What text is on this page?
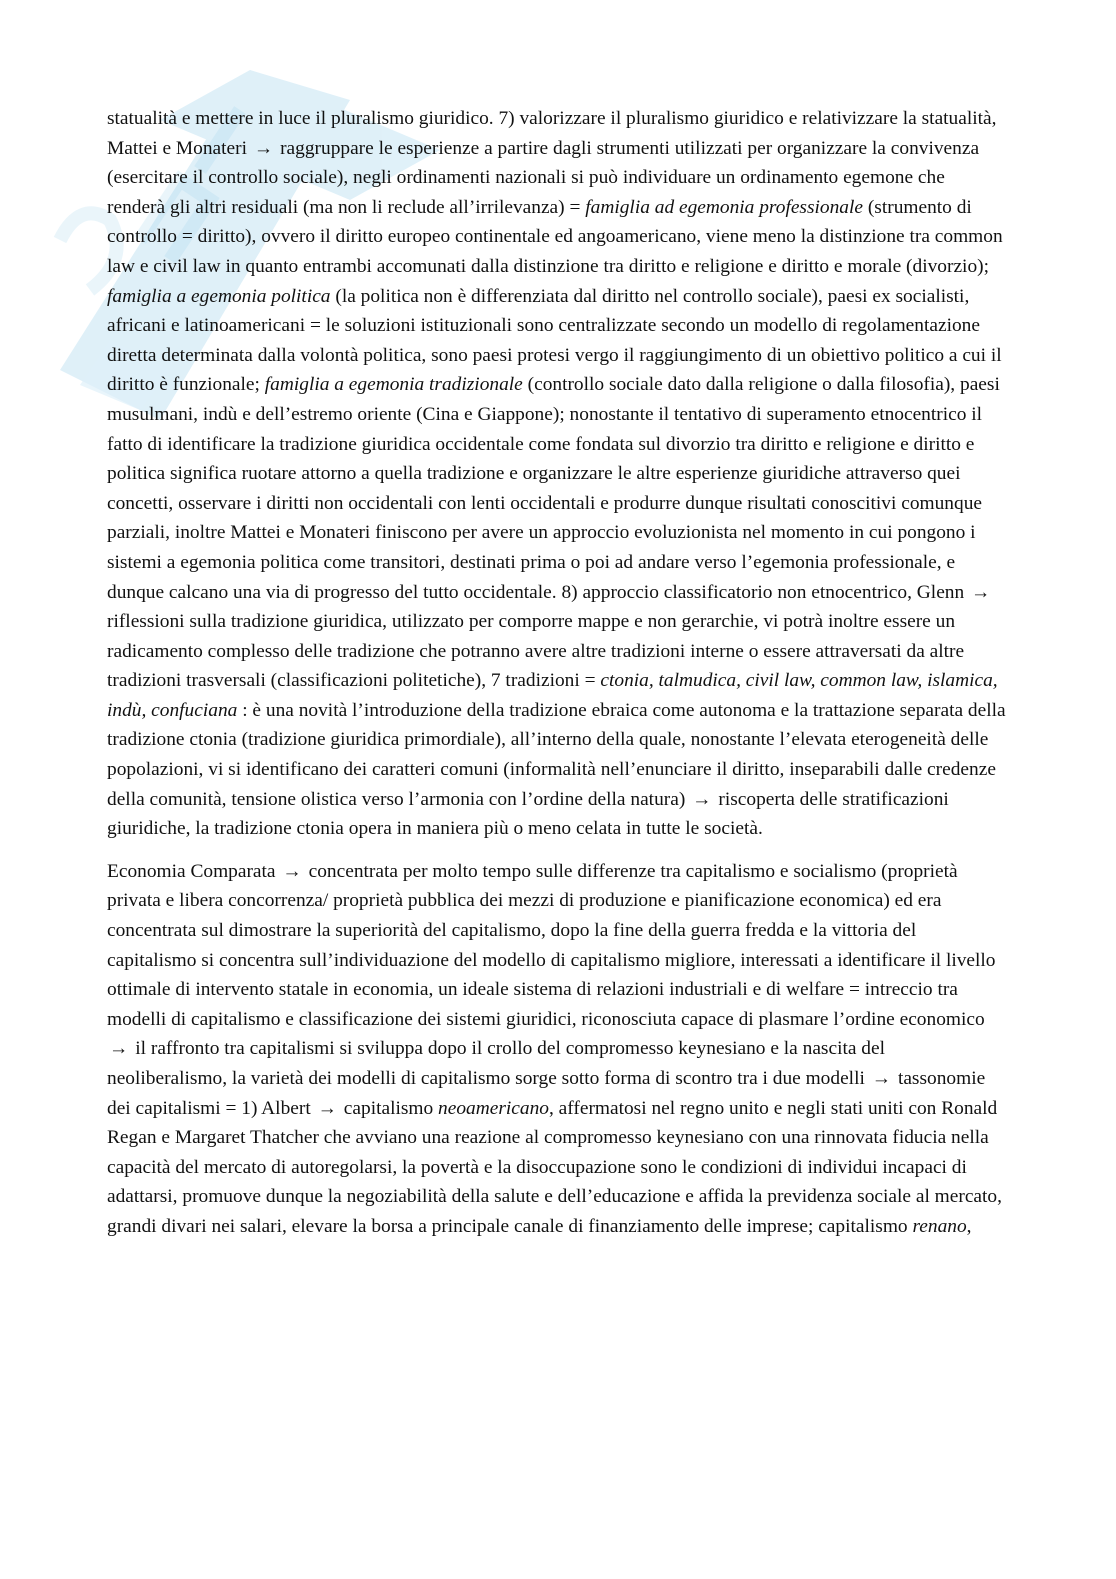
statualità e mettere in luce il pluralismo giuridico. 7) valorizzare il pluralismo giuridico e relativizzare la statualità, Mattei e Monateri → raggruppare le esperienze a partire dagli strumenti utilizzati per organizzare la convivenza (esercitare il controllo sociale), negli ordinamenti nazionali si può individuare un ordinamento egemone che renderà gli altri residuali (ma non li reclude all’irrilevanza) = famiglia ad egemonia professionale (strumento di controllo = diritto), ovvero il diritto europeo continentale ed angoamericano, viene meno la distinzione tra common law e civil law in quanto entrambi accomunati dalla distinzione tra diritto e religione e diritto e morale (divorzio); famiglia a egemonia politica (la politica non è differenziata dal diritto nel controllo sociale), paesi ex socialisti, africani e latinoamericani = le soluzioni istituzionali sono centralizzate secondo un modello di regolamentazione diretta determinata dalla volontà politica, sono paesi protesi vergo il raggiungimento di un obiettivo politico a cui il diritto è funzionale; famiglia a egemonia tradizionale (controllo sociale dato dalla religione o dalla filosofia), paesi musulmani, indù e dell’estremo oriente (Cina e Giappone); nonostante il tentativo di superamento etnocentrico il fatto di identificare la tradizione giuridica occidentale come fondata sul divorzio tra diritto e religione e diritto e politica significa ruotare attorno a quella tradizione e organizzare le altre esperienze giuridiche attraverso quei concetti, osservare i diritti non occidentali con lenti occidentali e produrre dunque risultati conoscitivi comunque parziali, inoltre Mattei e Monateri finiscono per avere un approccio evoluzionista nel momento in cui pongono i sistemi a egemonia politica come transitori, destinati prima o poi ad andare verso l’egemonia professionale, e dunque calcano una via di progresso del tutto occidentale. 8) approccio classificatorio non etnocentrico, Glenn → riflessioni sulla tradizione giuridica, utilizzato per comporre mappe e non gerarchie, vi potrà inoltre essere un radicamento complesso delle tradizione che potranno avere altre tradizioni interne o essere attraversati da altre tradizioni trasversali (classificazioni politetiche), 7 tradizioni = ctonia, talmudica, civil law, common law, islamica, indù, confuciana : è una novità l’introduzione della tradizione ebraica come autonoma e la trattazione separata della tradizione ctonia (tradizione giuridica primordiale), all’interno della quale, nonostante l’elevata eterogeneità delle popolazioni, vi si identificano dei caratteri comuni (informalità nell’enunciare il diritto, inseparabili dalle credenze della comunità, tensione olistica verso l’armonia con l’ordine della natura) → riscoperta delle stratificazioni giuridiche, la tradizione ctonia opera in maniera più o meno celata in tutte le società.

Economia Comparata → concentrata per molto tempo sulle differenze tra capitalismo e socialismo (proprietà privata e libera concorrenza/ proprietà pubblica dei mezzi di produzione e pianificazione economica) ed era concentrata sul dimostrare la superiorità del capitalismo, dopo la fine della guerra fredda e la vittoria del capitalismo si concentra sull’individuazione del modello di capitalismo migliore, interessati a identificare il livello ottimale di intervento statale in economia, un ideale sistema di relazioni industriali e di welfare = intreccio tra modelli di capitalismo e classificazione dei sistemi giuridici, riconosciuta capace di plasmare l’ordine economico → il raffronto tra capitalismi si sviluppa dopo il crollo del compromesso keynesiano e la nascita del neoliberalismo, la varietà dei modelli di capitalismo sorge sotto forma di scontro tra i due modelli → tassonomie dei capitalismi = 1) Albert → capitalismo neoamericano, affermatosi nel regno unito e negli stati uniti con Ronald Regan e Margaret Thatcher che avviano una reazione al compromesso keynesiano con una rinnovata fiducia nella capacità del mercato di autoregolarsi, la povertà e la disoccupazione sono le condizioni di individui incapaci di adattarsi, promuove dunque la negoziabilità della salute e dell’educazione e affida la previdenza sociale al mercato, grandi divari nei salari, elevare la borsa a principale canale di finanziamento delle imprese; capitalismo renano,
